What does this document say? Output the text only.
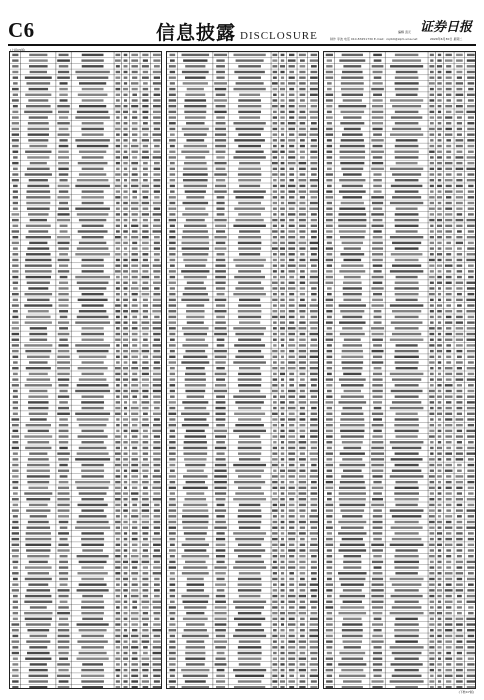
C6	信息披露 DISCLOSURE
证券日报
编辑 袁元
制作 李波 电话 010-83251730 E-mail：zqrb9@zqrb.sina.net	2020年6月30日 星期二
(上接C5版)
(下转C7版)
